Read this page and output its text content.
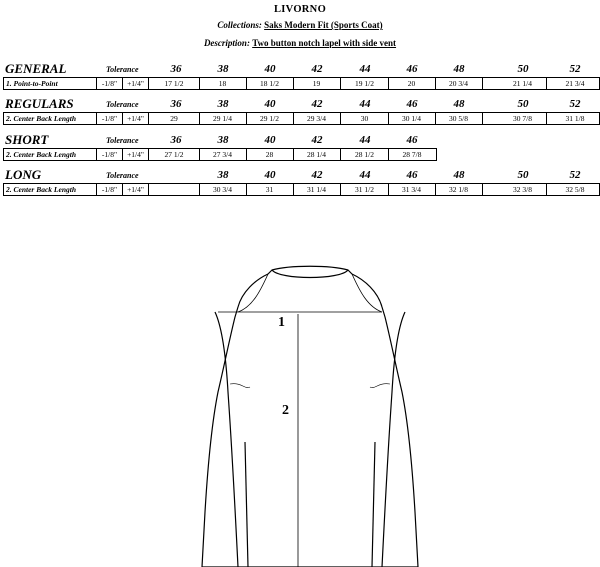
LIVORNO
Collections: Saks Modern Fit (Sports Coat)
Description: Two button notch lapel with side vent
GENERAL	Tolerance	36	38	40	42	44	46	48	50	52
1. Point-to-Point	-1/8"	+1/4"	17 1/2	18	18 1/2	19	19 1/2	20	20 3/4	21 1/4	21 3/4
REGULARS	Tolerance	36	38	40	42	44	46	48	50	52
2. Center Back Length	-1/8"	+1/4"	29	29 1/4	29 1/2	29 3/4	30	30 1/4	30 5/8	30 7/8	31 1/8
SHORT	Tolerance	36	38	40	42	44	46
2. Center Back Length	-1/8"	+1/4"	27 1/2	27 3/4	28	28 1/4	28 1/2	28 7/8
LONG	Tolerance	38	40	42	44	46	48	50	52
2. Center Back Length	-1/8"	+1/4"	30 3/4	31	31 1/4	31 1/2	31 3/4	32 1/8	32 3/8	32 5/8
1
2
